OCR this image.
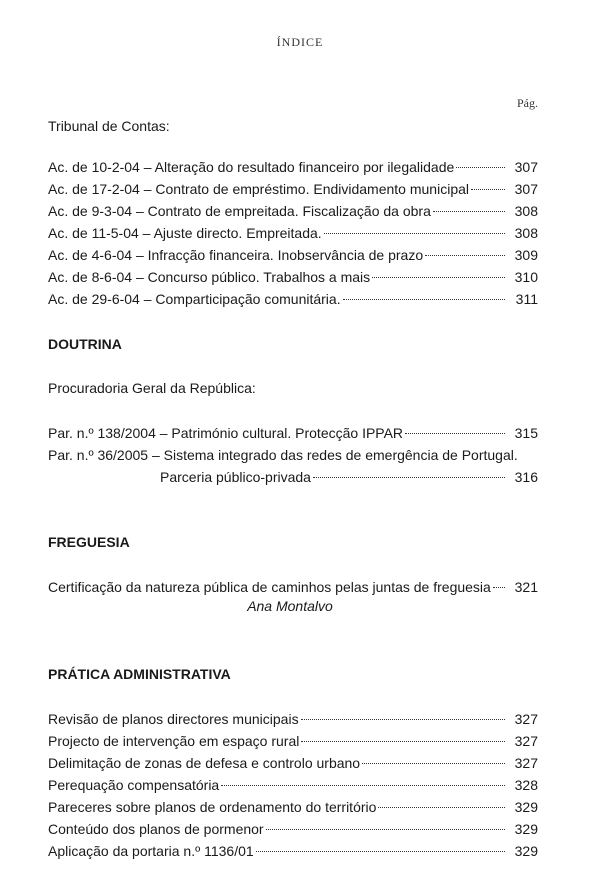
ÍNDICE
Pág.
Tribunal de Contas:
Ac. de 10-2-04 – Alteração do resultado financeiro por ilegalidade	307
Ac. de 17-2-04 – Contrato de empréstimo. Endividamento municipal	307
Ac. de 9-3-04 – Contrato de empreitada. Fiscalização da obra	308
Ac. de 11-5-04 – Ajuste directo. Empreitada.	308
Ac. de 4-6-04 – Infracção financeira. Inobservância de prazo	309
Ac. de 8-6-04 – Concurso público. Trabalhos a mais	310
Ac. de 29-6-04 – Comparticipação comunitária.	311
DOUTRINA
Procuradoria Geral da República:
Par. n.º 138/2004 – Património cultural. Protecção IPPAR	315
Par. n.º 36/2005 – Sistema integrado das redes de emergência de Portugal.
Parceria público-privada	316
FREGUESIA
Certificação da natureza pública de caminhos pelas juntas de freguesia	321
Ana Montalvo
PRÁTICA ADMINISTRATIVA
Revisão de planos directores municipais	327
Projecto de intervenção em espaço rural	327
Delimitação de zonas de defesa e controlo urbano	327
Perequação compensatória	328
Pareceres sobre planos de ordenamento do território	329
Conteúdo dos planos de pormenor	329
Aplicação da portaria n.º 1136/01	329
